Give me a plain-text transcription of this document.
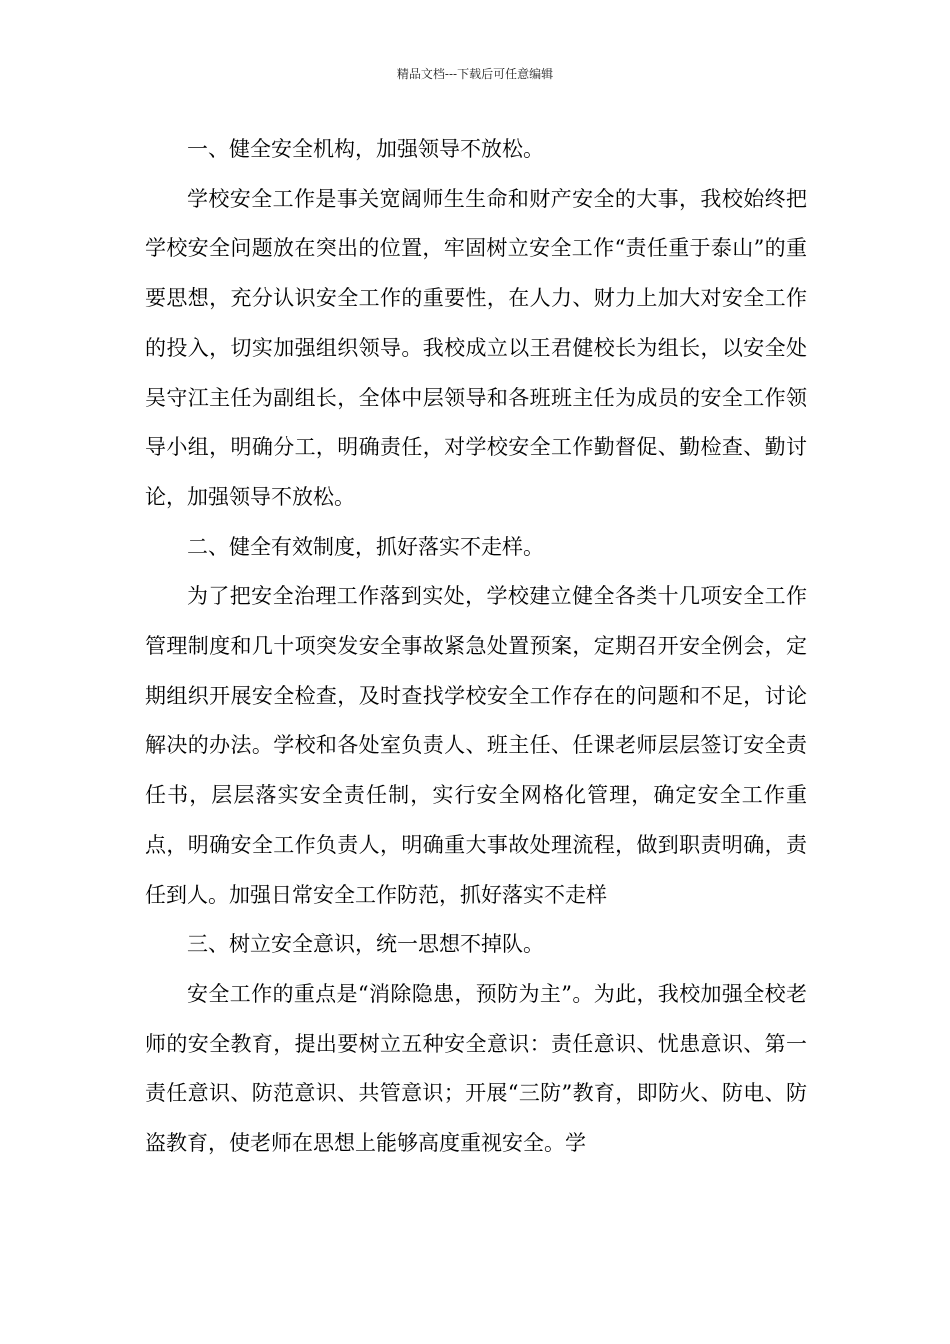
精品文档---下载后可任意编辑

一、健全安全机构，加强领导不放松。

学校安全工作是事关宽阔师生生命和财产安全的大事，我校始终把学校安全问题放在突出的位置，牢固树立安全工作“责任重于泰山”的重要思想，充分认识安全工作的重要性，在人力、财力上加大对安全工作的投入，切实加强组织领导。我校成立以王君健校长为组长，以安全处吴守江主任为副组长，全体中层领导和各班班主任为成员的安全工作领导小组，明确分工，明确责任，对学校安全工作勤督促、勤检查、勤讨论，加强领导不放松。

二、健全有效制度，抓好落实不走样。

为了把安全治理工作落到实处，学校建立健全各类十几项安全工作管理制度和几十项突发安全事故紧急处置预案，定期召开安全例会，定期组织开展安全检查，及时查找学校安全工作存在的问题和不足，讨论解决的办法。学校和各处室负责人、班主任、任课老师层层签订安全责任书，层层落实安全责任制，实行安全网格化管理，确定安全工作重点，明确安全工作负责人，明确重大事故处理流程，做到职责明确，责任到人。加强日常安全工作防范，抓好落实不走样

三、树立安全意识，统一思想不掉队。

安全工作的重点是“消除隐患，预防为主”。为此，我校加强全校老师的安全教育，提出要树立五种安全意识：责任意识、忧患意识、第一责任意识、防范意识、共管意识；开展“三防”教育，即防火、防电、防盗教育，使老师在思想上能够高度重视安全。学
